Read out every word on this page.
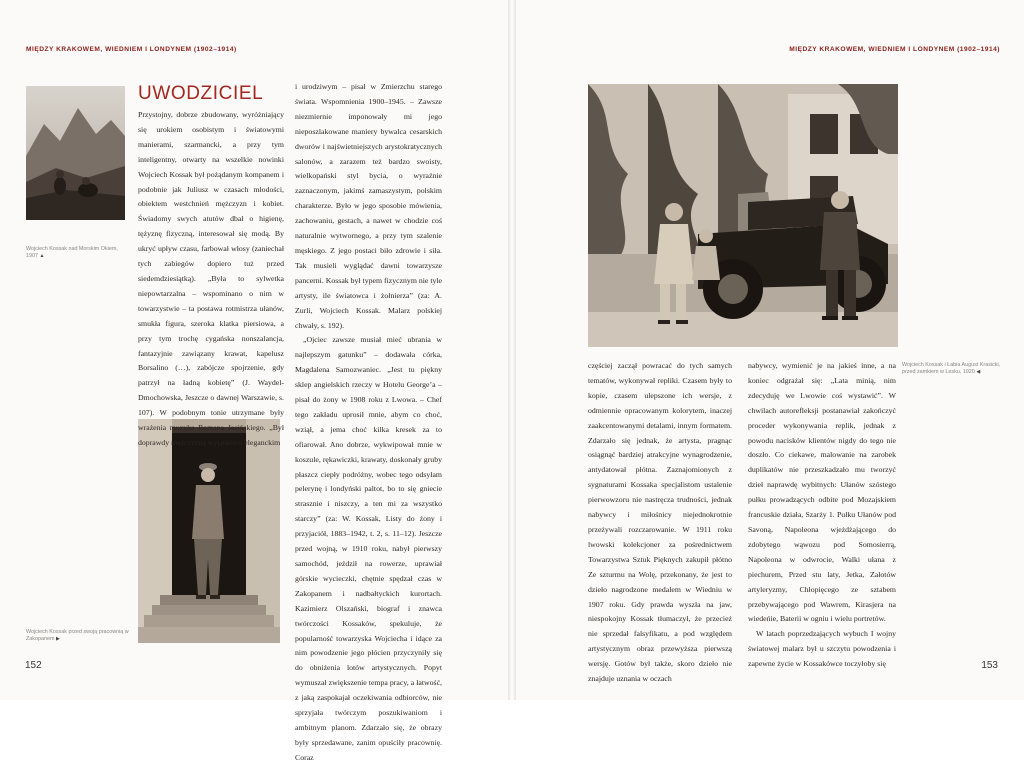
MIĘDZY KRAKOWEM, WIEDNIEM I LONDYNEM (1902–1914)
Wojciech Kossak nad Morskim Okiem, 1907 ▲
Wojciech Kossak przed swoją pracownią w Zakopanem ▶
UWODZICIEL

Przystojny, dobrze zbudowany, wyróżniający się urokiem osobistym i światowymi manierami, szarmancki, a przy tym inteligentny, otwarty na wszelkie nowinki Wojciech Kossak był pożądanym kompanem i podobnie jak Juliusz w czasach młodości, obiektem westchnień mężczyzn i kobiet. Świadomy swych atutów dbał o higienę, tężyznę fizyczną, interesował się modą. By ukryć upływ czasu, farbował włosy (zaniechał tych zabiegów dopiero tuż przed siedemdziesiątką). „Była to sylwetka niepowtarzalna – wspominano o nim w towarzystwie – ta postawa rotmistrza ułanów, smukła figura, szeroka klatka piersiowa, a przy tym trochę cygańska nonszalancja, fantazyjnie zawiązany krawat, kapelusz Borsalino (…), zabójcze spojrzenie, gdy patrzył na ładną kobietę” (J. Waydel-Dmochowska, Jeszcze o dawnej Warszawie, s. 107). W podobnym tonie utrzymane były wrażenia muzyka Romana Jasińskiego. „Był doprawdy mężczyzną wyjątkowo eleganckim

i urodziwym – pisał w Zmierzchu starego świata. Wspomnienia 1900–1945. – Zawsze niezmiernie imponowały mi jego nieposzlakowane maniery bywalca cesarskich dworów i najświetniejszych arystokratycznych salonów, a zarazem też bardzo swoisty, wielkopański styl bycia, o wyraźnie zaznaczonym, jakimś zamaszystym, polskim charakterze. Było w jego sposobie mówienia, zachowaniu, gestach, a nawet w chodzie coś naturalnie wytwornego, a przy tym szalenie męskiego. Z jego postaci biło zdrowie i siła. Tak musieli wyglądać dawni towarzysze pancerni. Kossak był typem fizycznym nie tyle artysty, ile światowca i żołnierza” (za: A. Zurli, Wojciech Kossak. Malarz polskiej chwały, s. 192).

„Ojciec zawsze musiał mieć ubrania w najlepszym gatunku” – dodawała córka, Magdalena Samozwaniec. „Jest tu piękny sklep angielskich rzeczy w Hotelu George’a – pisał do żony w 1908 roku z Lwowa. – Chef tego zakładu uprosił mnie, abym co choć, wziął, a jema choć kilka kresek za to ofiarował. Ano dobrze, wykwipował mnie w koszule, rękawiczki, krawaty, doskonały gruby płaszcz ciepły podróżny, wobec tego odsyłam pelerynę i londyński paltot, bo to się gniecie strasznie i niszczy, a ten mi za wszystko starczy” (za: W. Kossak, Listy do żony i przyjaciół, 1883–1942, t. 2, s. 11–12). Jeszcze przed wojną, w 1910 roku, nabył pierwszy samochód, jeździł na rowerze, uprawiał górskie wycieczki, chętnie spędzał czas w Zakopanem i nadbałtyckich kurortach. Kazimierz Olszański, biograf i znawca twórczości Kossaków, spekuluje, że popularność towarzyska Wojciecha i idące za nim powodzenie jego płócien przyczyniły się do obniżenia lotów artystycznych. Popyt wymuszał zwiększenie tempa pracy, a łatwość, z jaką zaspokajał oczekiwania odbiorców, nie sprzyjała twórczym poszukiwaniom i ambitnym planom. Zdarzało się, że obrazy były sprzedawane, zanim opuściły pracownię. Coraz

152
MIĘDZY KRAKOWEM, WIEDNIEM I LONDYNEM (1902–1914)
Wojciech Kossak i Łabia August Krasicki, przed zamkiem w Lesku, 1920 ◀
153

częściej zaczął powracać do tych samych tematów, wykonywał repliki. Czasem były to kopie, czasem ulepszone ich wersje, z odmiennie opracowanym kolorytem, inaczej zaakcentowanymi detalami, innym formatem. Zdarzało się jednak, że artysta, pragnąc osiągnąć bardziej atrakcyjne wynagrodzenie, antydatował płótna. Zaznajomionych z sygnaturami Kossaka specjalistom ustalenie pierwowzoru nie nastręcza trudności, jednak nabywcy i miłośnicy niejednokrotnie przeżywali rozczarowanie. W 1911 roku lwowski kolekcjoner za pośrednictwem Towarzystwa Sztuk Pięknych zakupił płótno Ze szturmu na Wolę, przekonany, że jest to dzieło nagrodzone medalem w Wiedniu w 1907 roku. Gdy prawda wyszła na jaw, niespokojny Kossak tłumaczył, że przecież nie sprzedał falsyfikatu, a pod względem artystycznym obraz przewyższa pierwszą wersję. Gotów był także, skoro dzieło nie znajduje uznania w oczach

nabywcy, wymienić je na jakieś inne, a na koniec odgrażał się: „Lata minią, nim zdecyduję we Lwowie coś wystawić”. W chwilach autorefleksji postanawiał zakończyć proceder wykonywania replik, jednak z powodu nacisków klientów nigdy do tego nie doszło. Co ciekawe, malowanie na zarobek duplikatów nie przeszkadzało mu tworzyć dzieł naprawdę wybitnych: Ułanów szóstego pułku prowadzących odbite pod Mozajskiem francuskie działa, Szarży 1. Pułku Ułanów pod Savoną, Napoleona wjeżdżającego do zdobytego wąwozu pod Somosierrą, Napoleona w odwrocie, Walki ułana z piechurem, Przed stu laty, Jetka, Załotów artyleryzmy, Chłopięcego ze sztabem przebywającego pod Wawrem, Kirasjera na wiedeńie, Baterii w ogniu i wielu portretów.

W latach poprzedzających wybuch I wojny światowej malarz był u szczytu powodzenia i zapewne życie w Kossakówce toczyłoby się
